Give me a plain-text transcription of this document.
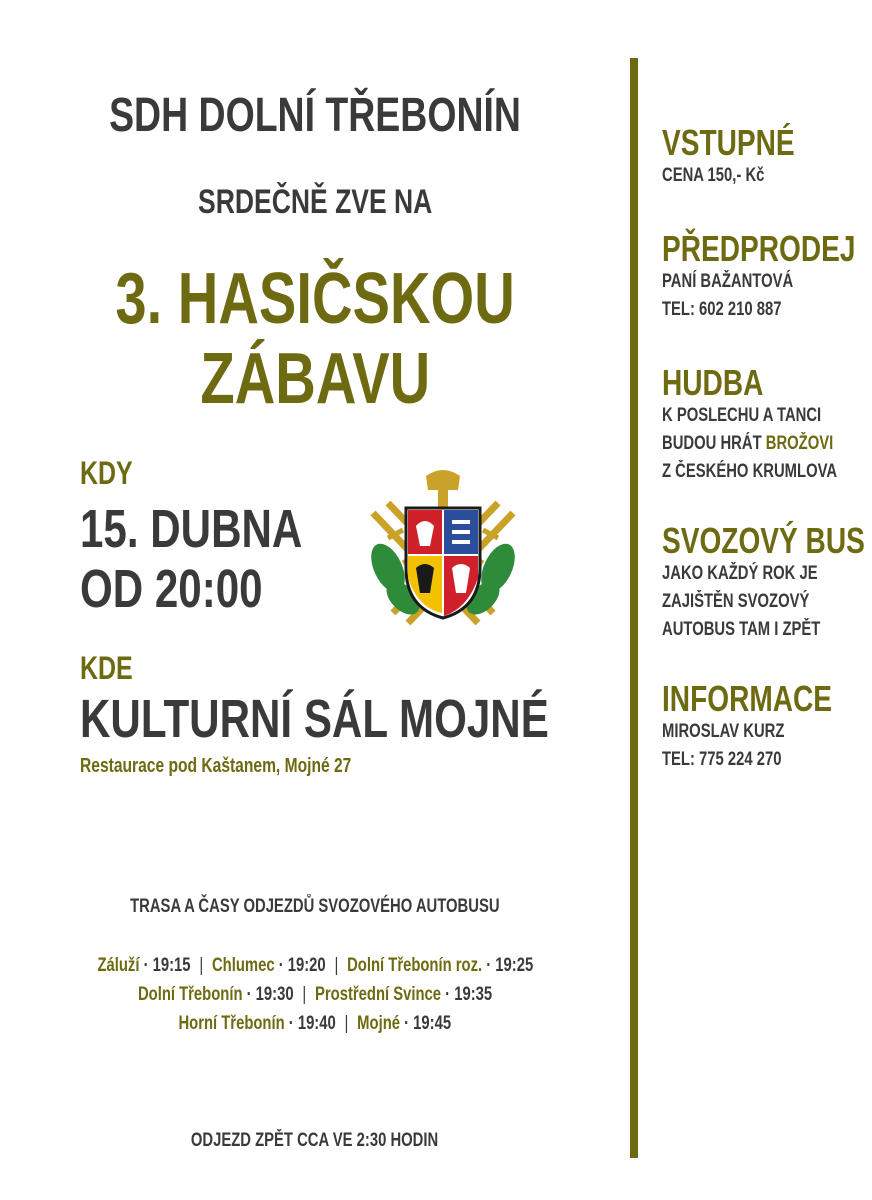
SDH DOLNÍ TŘEBONÍN
SRDEČNĚ ZVE NA
3. HASIČSKOU
ZÁBAVU
KDY
15. DUBNA
OD 20:00
KDE
KULTURNÍ SÁL MOJNÉ
Restaurace pod Kaštanem, Mojné 27
TRASA A ČASY ODJEZDŮ SVOZOVÉHO AUTOBUSU
Záluží · 19:15 | Chlumec · 19:20 | Dolní Třebonín roz. · 19:25
Dolní Třebonín · 19:30 | Prostřední Svince · 19:35
Horní Třebonín · 19:40 | Mojné · 19:45
ODJEZD ZPĚT CCA VE 2:30 HODIN
VSTUPNÉ
CENA 150,- Kč
PŘEDPRODEJ
PANÍ BAŽANTOVÁ
TEL: 602 210 887
HUDBA
K POSLECHU A TANCI
BUDOU HRÁT BROŽOVI
Z ČESKÉHO KRUMLOVA
SVOZOVÝ BUS
JAKO KAŽDÝ ROK JE
ZAJIŠTĚN SVOZOVÝ
AUTOBUS TAM I ZPĚT
INFORMACE
MIROSLAV KURZ
TEL: 775 224 270
